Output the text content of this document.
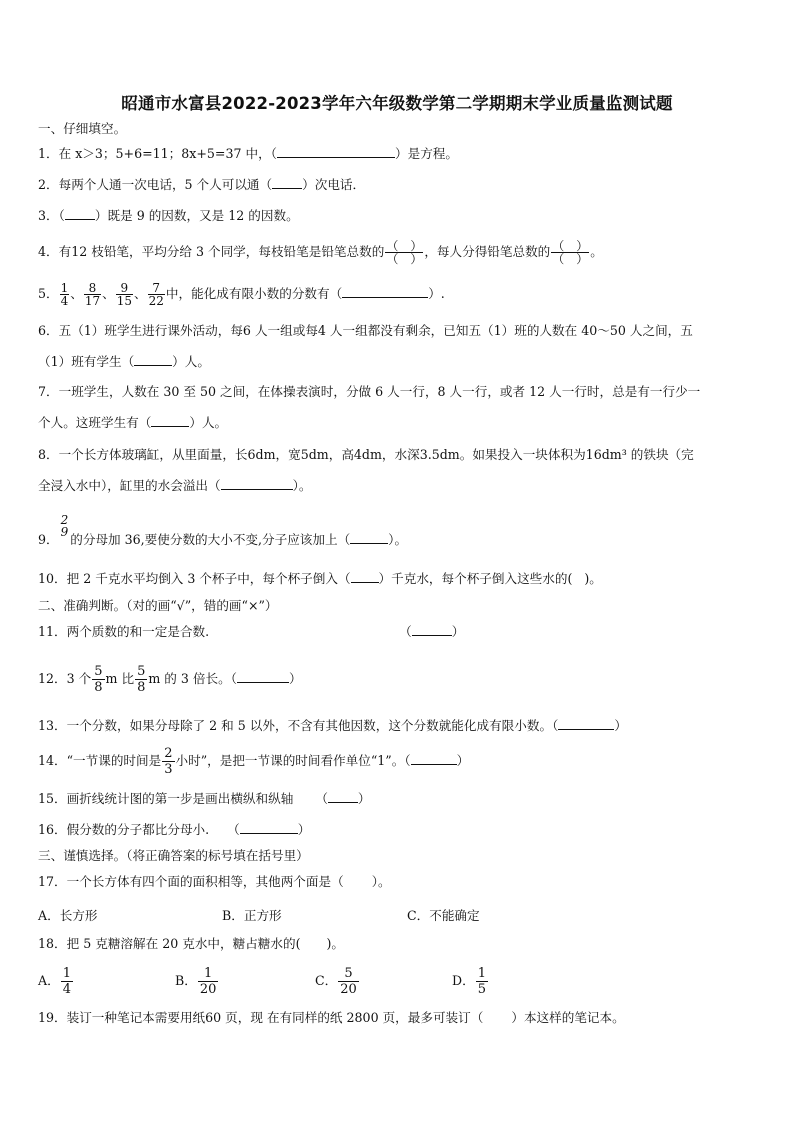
昭通市水富县2022-2023学年六年级数学第二学期期末学业质量监测试题
一、仔细填空。
1．在 x＞3；5+6=11；8x+5=37 中，（	）是方程。
2．每两个人通一次电话，5 个人可以通（ ）次电话．
3．（ ）既是 9 的因数，又是 12 的因数。
4．有12 枝铅笔，平均分给 3 个同学，每枝铅笔是铅笔总数的 $\frac{( )}{( )}$ ，每人分得铅笔总数的 $\frac{( )}{( )}$ 。
5． $\frac{1}{4}$ 、 $\frac{8}{17}$ 、 $\frac{9}{15}$ 、 $\frac{7}{22}$ 中，能化成有限小数的分数有（	）.
6．五（1）班学生进行课外活动，每6 人一组或每4 人一组都没有剩余，已知五（1）班的人数在 40～50 人之间，五
（1）班有学生（	）人。
7．一班学生，人数在 30 至 50 之间，在体操表演时，分做 6 人一行，8 人一行，或者 12 人一行时，总是有一行少一
个人。这班学生有（	）人。
8．一个长方体玻璃缸，从里面量，长6dm，宽5dm，高4dm，水深3.5dm。如果投入一块体积为16dm³ 的铁块（完
全浸入水中），缸里的水会溢出（	）。
9．
2
9 的分母加 36,要使分数的大小不变,分子应该加上（	）。
10．把 2 千克水平均倒入 3 个杯子中，每个杯子倒入（ ）千克水，每个杯子倒入这些水的( )。
二、准确判断。（对的画“√”，错的画“×”）
11．两个质数的和一定是合数.	（	）
12．3 个 $\frac{5}{8}$ m 比 $\frac{5}{8}$ m 的 3 倍长。（	）
13．一个分数，如果分母除了 2 和 5 以外，不含有其他因数，这个分数就能化成有限小数。（	）
14．“一节课的时间是 $\frac{2}{3}$ 小时”，是把一节课的时间看作单位“1”。（	）
15．画折线统计图的第一步是画出横纵和纵轴 （ ）
16．假分数的分子都比分母小. （	）
三、谨慎选择。（将正确答案的标号填在括号里）
17．一个长方体有四个面的面积相等，其他两个面是（ ）。
A．长方形	B．正方形	C．不能确定
18．把 5 克糖溶解在 20 克水中，糖占糖水的( )。
A． $\frac{1}{4}$	B． $\frac{1}{20}$	C． $\frac{5}{20}$	D． $\frac{1}{5}$
19．装订一种笔记本需要用纸60 页，现 在有同样的纸 2800 页，最多可装订（ ）本这样的笔记本。
